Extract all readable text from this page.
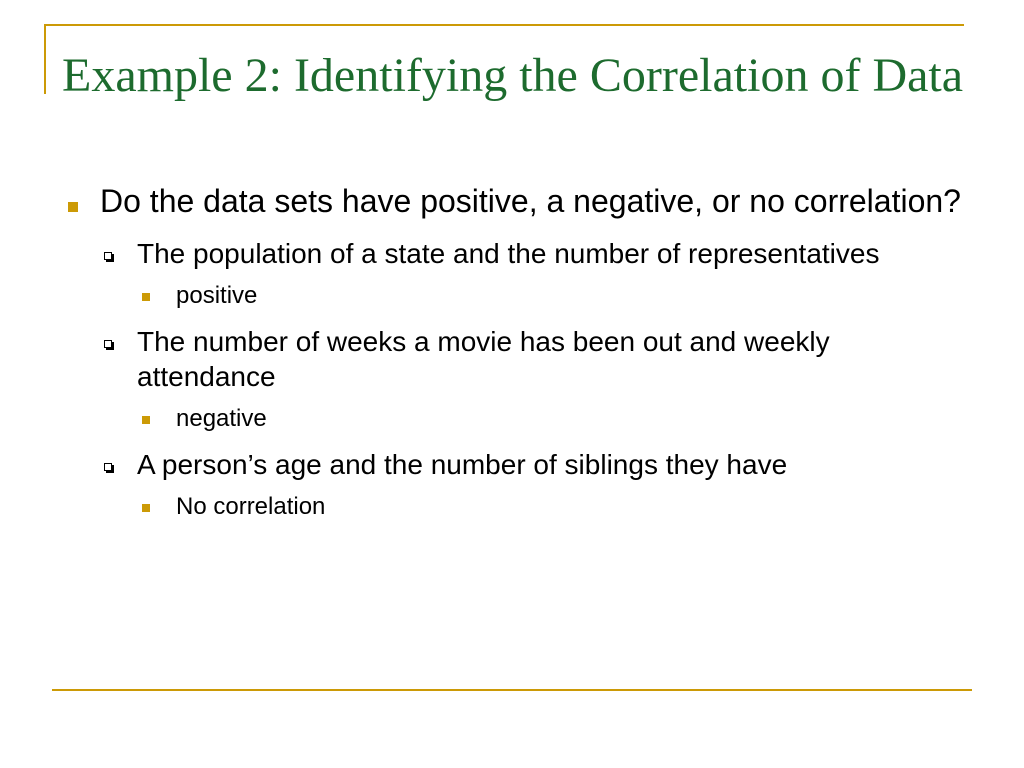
Example 2: Identifying the Correlation of Data
Do the data sets have positive, a negative, or no correlation?
The population of a state and the number of representatives
positive
The number of weeks a movie has been out and weekly attendance
negative
A person’s age and the number of siblings they have
No correlation
